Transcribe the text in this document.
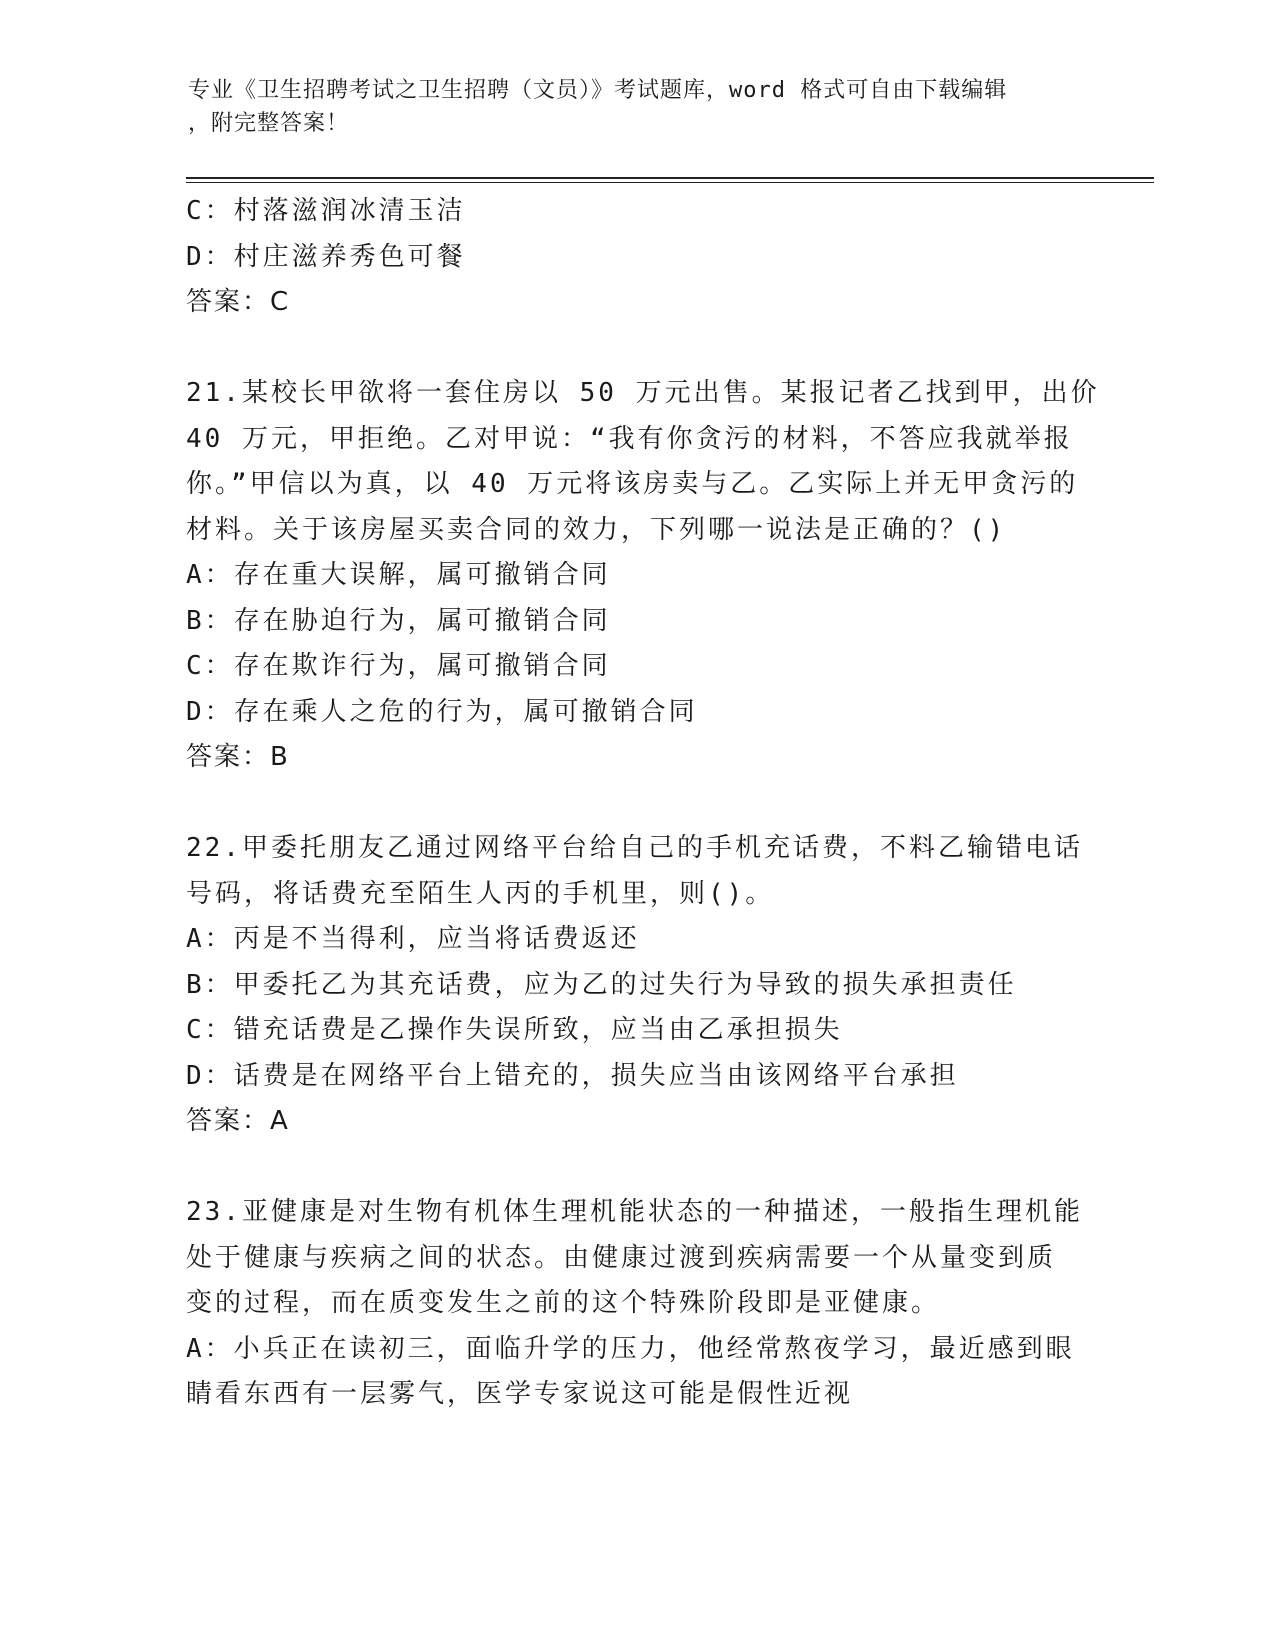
专业《卫生招聘考试之卫生招聘（文员）》考试题库，word 格式可自由下载编辑
，附完整答案！
C：村落滋润冰清玉洁
D：村庄滋养秀色可餐
答案：C
21.某校长甲欲将一套住房以 50 万元出售。某报记者乙找到甲，出价
40 万元，甲拒绝。乙对甲说：“我有你贪污的材料，不答应我就举报
你。”甲信以为真，以 40 万元将该房卖与乙。乙实际上并无甲贪污的
材料。关于该房屋买卖合同的效力，下列哪一说法是正确的？()
A：存在重大误解，属可撤销合同
B：存在胁迫行为，属可撤销合同
C：存在欺诈行为，属可撤销合同
D：存在乘人之危的行为，属可撤销合同
答案：B
22.甲委托朋友乙通过网络平台给自己的手机充话费，不料乙输错电话
号码，将话费充至陌生人丙的手机里，则()。
A：丙是不当得利，应当将话费返还
B：甲委托乙为其充话费，应为乙的过失行为导致的损失承担责任
C：错充话费是乙操作失误所致，应当由乙承担损失
D：话费是在网络平台上错充的，损失应当由该网络平台承担
答案：A
23.亚健康是对生物有机体生理机能状态的一种描述，一般指生理机能
处于健康与疾病之间的状态。由健康过渡到疾病需要一个从量变到质
变的过程，而在质变发生之前的这个特殊阶段即是亚健康。
A：小兵正在读初三，面临升学的压力，他经常熬夜学习，最近感到眼
睛看东西有一层雾气，医学专家说这可能是假性近视
